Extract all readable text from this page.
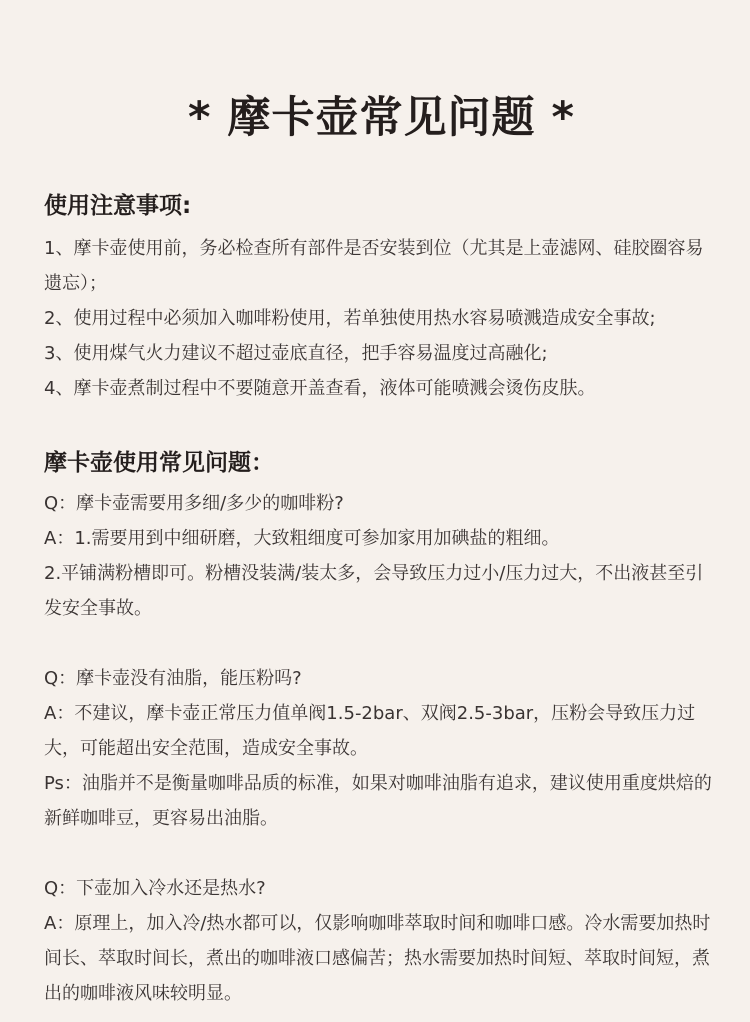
* 摩卡壶常见问题 *
使用注意事项:

1、摩卡壶使用前，务必检查所有部件是否安装到位（尤其是上壶滤网、硅胶圈容易遗忘）；

2、使用过程中必须加入咖啡粉使用，若单独使用热水容易喷溅造成安全事故;

3、使用煤气火力建议不超过壶底直径，把手容易温度过高融化;

4、摩卡壶煮制过程中不要随意开盖查看，液体可能喷溅会烫伤皮肤。

摩卡壶使用常见问题：

Q：摩卡壶需要用多细/多少的咖啡粉?

A：1.需要用到中细研磨，大致粗细度可参加家用加碘盐的粗细。

2.平铺满粉槽即可。粉槽没装满/装太多，会导致压力过小/压力过大，不出液甚至引发安全事故。

Q：摩卡壶没有油脂，能压粉吗?

A：不建议，摩卡壶正常压力值单阀1.5-2bar、双阀2.5-3bar，压粉会导致压力过大，可能超出安全范围，造成安全事故。

Ps：油脂并不是衡量咖啡品质的标准，如果对咖啡油脂有追求，建议使用重度烘焙的新鲜咖啡豆，更容易出油脂。

Q：下壶加入冷水还是热水?

A：原理上，加入冷/热水都可以，仅影响咖啡萃取时间和咖啡口感。冷水需要加热时间长、萃取时间长，煮出的咖啡液口感偏苦；热水需要加热时间短、萃取时间短，煮出的咖啡液风味较明显。
